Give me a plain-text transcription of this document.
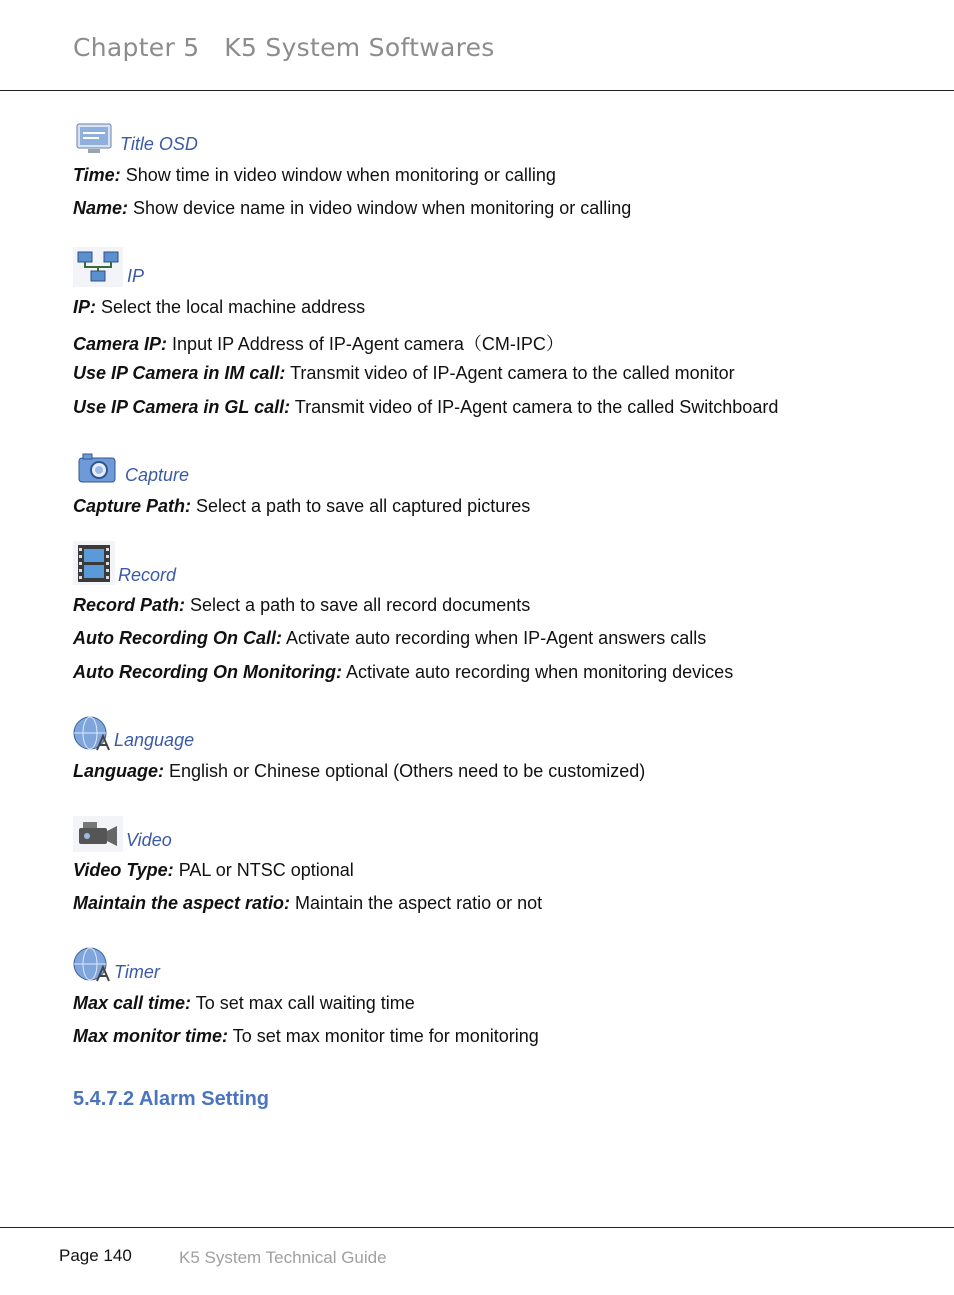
Chapter 5 K5 System Softwares
Title OSD
Time: Show time in video window when monitoring or calling
Name: Show device name in video window when monitoring or calling
IP
IP: Select the local machine address
Camera IP: Input IP Address of IP-Agent camera（CM-IPC）
Use IP Camera in IM call: Transmit video of IP-Agent camera to the called monitor
Use IP Camera in GL call: Transmit video of IP-Agent camera to the called Switchboard
Capture
Capture Path: Select a path to save all captured pictures
Record
Record Path: Select a path to save all record documents
Auto Recording On Call: Activate auto recording when IP-Agent answers calls
Auto Recording On Monitoring: Activate auto recording when monitoring devices
Language
Language: English or Chinese optional (Others need to be customized)
Video
Video Type: PAL or NTSC optional
Maintain the aspect ratio: Maintain the aspect ratio or not
Timer
Max call time: To set max call waiting time
Max monitor time: To set max monitor time for monitoring
5.4.7.2 Alarm Setting
Page 140	K5 System Technical Guide
